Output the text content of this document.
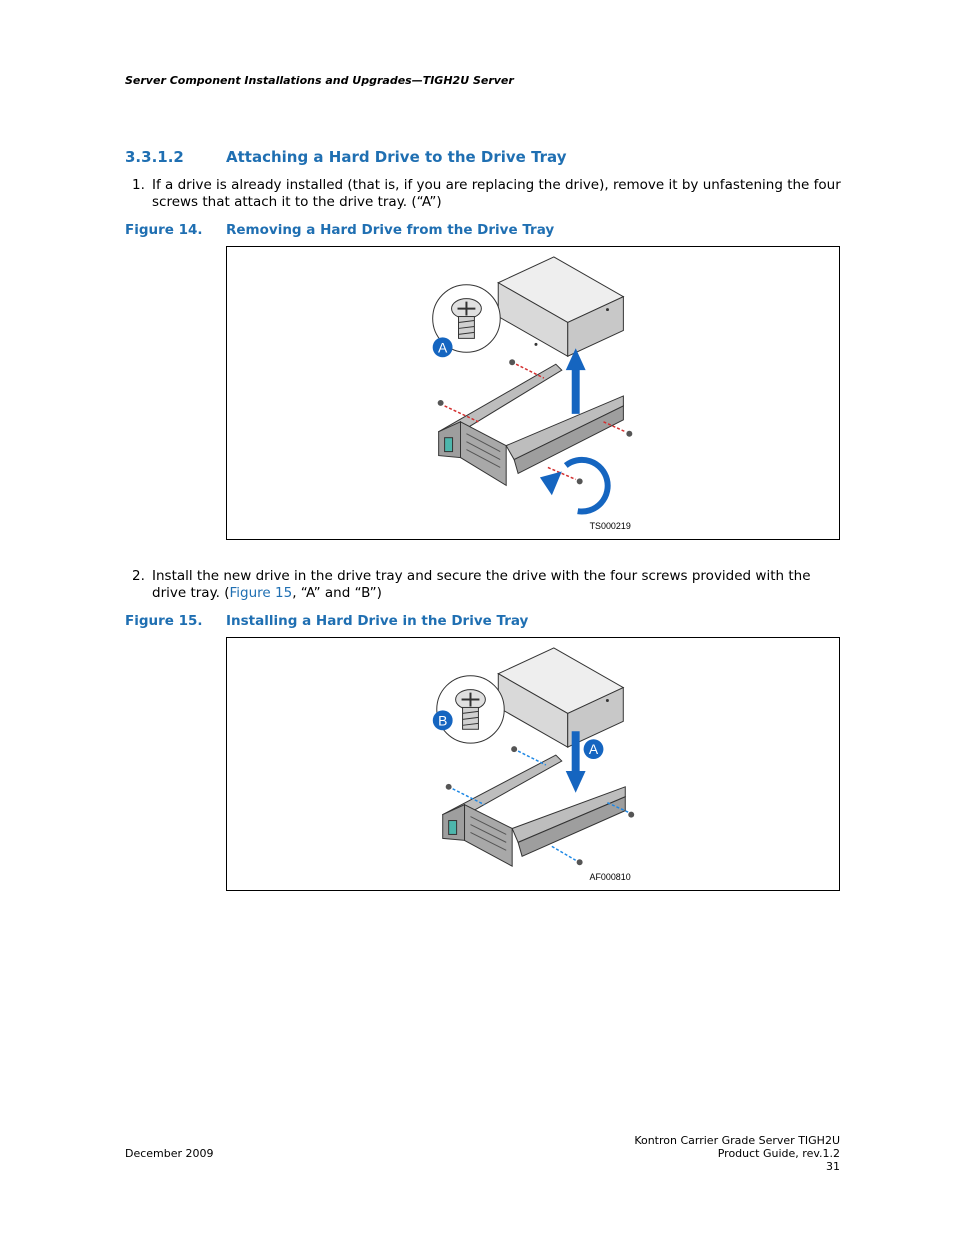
Server Component Installations and Upgrades—TIGH2U Server
3.3.1.2	Attaching a Hard Drive to the Drive Tray
1. If a drive is already installed (that is, if you are replacing the drive), remove it by unfastening the four screws that attach it to the drive tray. (“A”)
Figure 14. Removing a Hard Drive from the Drive Tray
A
TS000219
2. Install the new drive in the drive tray and secure the drive with the four screws provided with the drive tray. (Figure 15, “A” and “B”)
Figure 15. Installing a Hard Drive in the Drive Tray
B
A
AF000810
December 2009
Kontron Carrier Grade Server TIGH2U
Product Guide, rev.1.2
31
